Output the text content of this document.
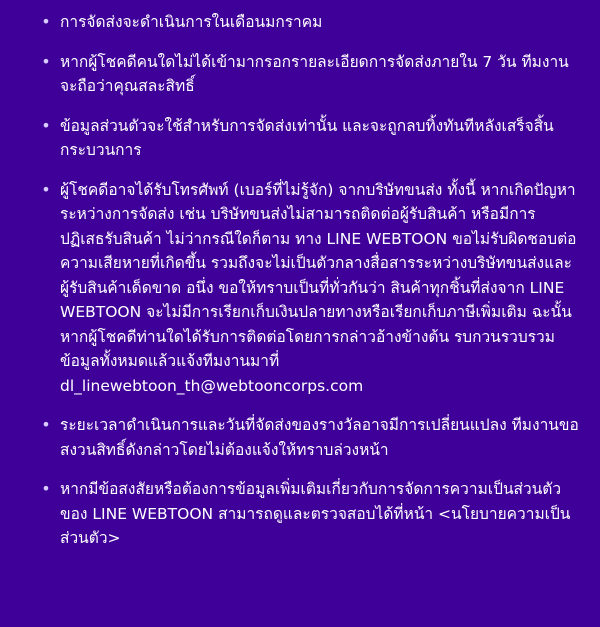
• การจัดส่งจะดำเนินการในเดือนมกราคม
• หากผู้โชคดีคนใดไม่ได้เข้ามากรอกรายละเอียดการจัดส่งภายใน 7 วัน ทีมงานจะถือว่าคุณสละสิทธิ์
• ข้อมูลส่วนตัวจะใช้สำหรับการจัดส่งเท่านั้น และจะถูกลบทิ้งทันทีหลังเสร็จสิ้นกระบวนการ
• ผู้โชคดีอาจได้รับโทรศัพท์ (เบอร์ที่ไม่รู้จัก) จากบริษัทขนส่ง ทั้งนี้ หากเกิดปัญหาระหว่างการจัดส่ง เช่น บริษัทขนส่งไม่สามารถติดต่อผู้รับสินค้า หรือมีการปฏิเสธรับสินค้า ไม่ว่ากรณีใดก็ตาม ทาง LINE WEBTOON ขอไม่รับผิดชอบต่อความเสียหายที่เกิดขึ้น รวมถึงจะไม่เป็นตัวกลางสื่อสารระหว่างบริษัทขนส่งและผู้รับสินค้าเด็ดขาด อนึ่ง ขอให้ทราบเป็นที่ทั่วกันว่า สินค้าทุกชิ้นที่ส่งจาก LINE WEBTOON จะไม่มีการเรียกเก็บเงินปลายทางหรือเรียกเก็บภาษีเพิ่มเติม ฉะนั้น หากผู้โชคดีท่านใดได้รับการติดต่อโดยการกล่าวอ้างข้างต้น รบกวนรวบรวมข้อมูลทั้งหมดแล้วแจ้งทีมงานมาที่ dl_linewebtoon_th@webtooncorps.com
• ระยะเวลาดำเนินการและวันที่จัดส่งของรางวัลอาจมีการเปลี่ยนแปลง ทีมงานขอสงวนสิทธิ์ดังกล่าวโดยไม่ต้องแจ้งให้ทราบล่วงหน้า
• หากมีข้อสงสัยหรือต้องการข้อมูลเพิ่มเติมเกี่ยวกับการจัดการความเป็นส่วนตัวของ LINE WEBTOON สามารถดูและตรวจสอบได้ที่หน้า <นโยบายความเป็นส่วนตัว>
